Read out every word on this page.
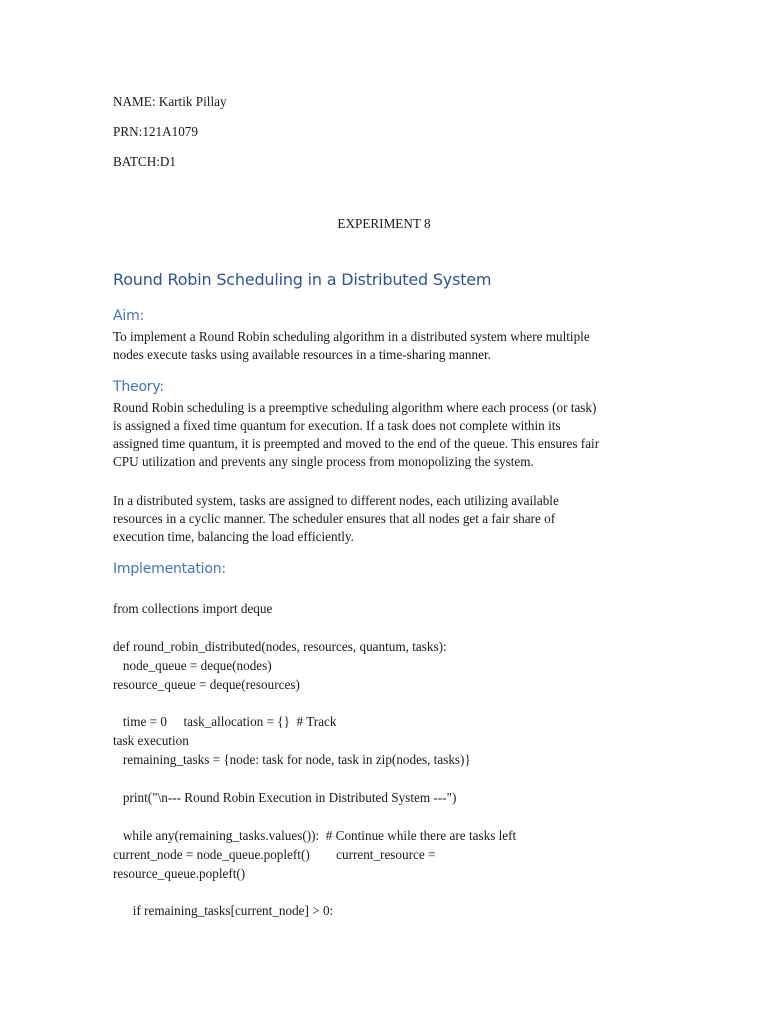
NAME: Kartik Pillay
PRN:121A1079
BATCH:D1
EXPERIMENT 8
Round Robin Scheduling in a Distributed System
Aim:
To implement a Round Robin scheduling algorithm in a distributed system where multiple
nodes execute tasks using available resources in a time-sharing manner.
Theory:
Round Robin scheduling is a preemptive scheduling algorithm where each process (or task)
is assigned a fixed time quantum for execution. If a task does not complete within its
assigned time quantum, it is preempted and moved to the end of the queue. This ensures fair
CPU utilization and prevents any single process from monopolizing the system.
In a distributed system, tasks are assigned to different nodes, each utilizing available
resources in a cyclic manner. The scheduler ensures that all nodes get a fair share of
execution time, balancing the load efficiently.
Implementation:
from collections import deque
def round_robin_distributed(nodes, resources, quantum, tasks):
node_queue = deque(nodes)
resource_queue = deque(resources)
time = 0     task_allocation = {}  # Track
task execution
remaining_tasks = {node: task for node, task in zip(nodes, tasks)}
print("\n--- Round Robin Execution in Distributed System ---")
while any(remaining_tasks.values()):  # Continue while there are tasks left
current_node = node_queue.popleft()        current_resource =
resource_queue.popleft()
if remaining_tasks[current_node] > 0:
